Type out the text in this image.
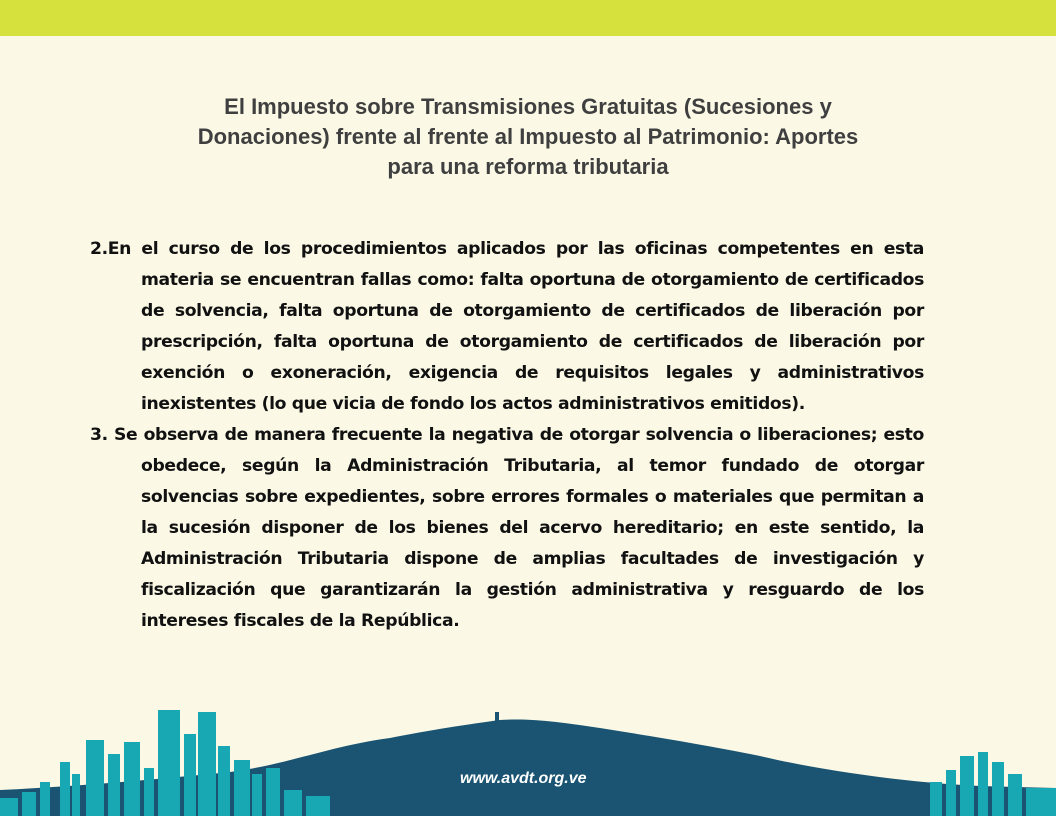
El Impuesto sobre Transmisiones Gratuitas (Sucesiones y
Donaciones) frente al frente al Impuesto al Patrimonio: Aportes
para una reforma tributaria
2.En el curso de los procedimientos aplicados por las oficinas competentes en esta materia se encuentran fallas como: falta oportuna de otorgamiento de certificados de solvencia, falta oportuna de otorgamiento de certificados de liberación por prescripción, falta oportuna de otorgamiento de certificados de liberación por exención o exoneración, exigencia de requisitos legales y administrativos inexistentes (lo que vicia de fondo los actos administrativos emitidos).
3. Se observa de manera frecuente la negativa de otorgar solvencia o liberaciones; esto obedece, según la Administración Tributaria, al temor fundado de otorgar solvencias sobre expedientes, sobre errores formales o materiales que permitan a la sucesión disponer de los bienes del acervo hereditario; en este sentido, la Administración Tributaria dispone de amplias facultades de investigación y fiscalización que garantizarán la gestión administrativa y resguardo de los intereses fiscales de la República.
www.avdt.org.ve
